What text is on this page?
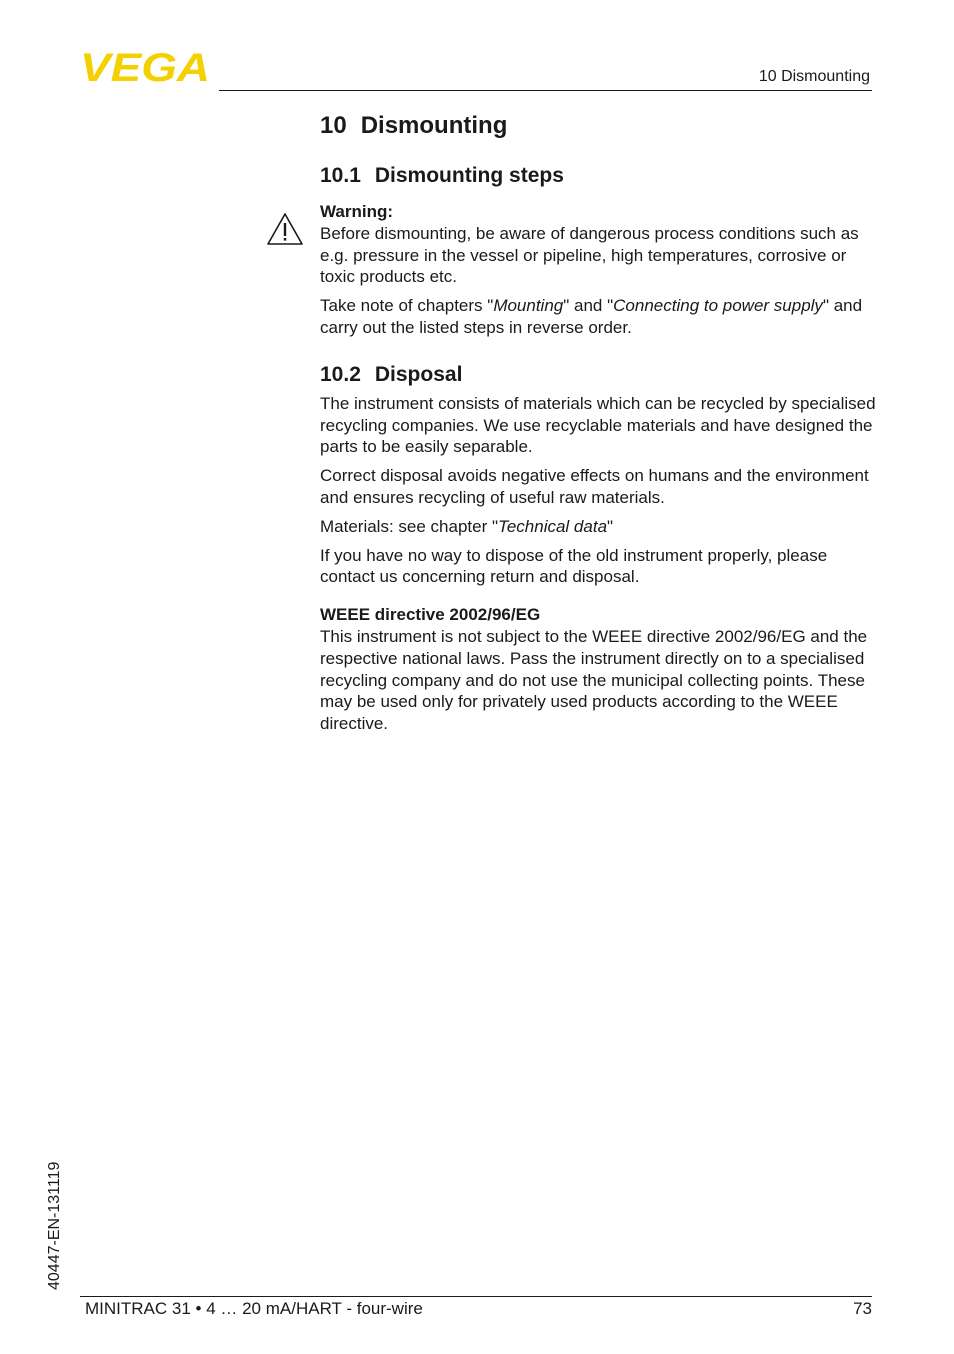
VEGA	10 Dismounting
10 Dismounting
10.1 Dismounting steps
Warning:

Before dismounting, be aware of dangerous process conditions such as e.g. pressure in the vessel or pipeline, high temperatures, corrosive or toxic products etc.

Take note of chapters "Mounting" and "Connecting to power supply" and carry out the listed steps in reverse order.

10.2 Disposal

The instrument consists of materials which can be recycled by specialised recycling companies. We use recyclable materials and have designed the parts to be easily separable.

Correct disposal avoids negative effects on humans and the environment and ensures recycling of useful raw materials.

Materials: see chapter "Technical data"

If you have no way to dispose of the old instrument properly, please contact us concerning return and disposal.

WEEE directive 2002/96/EG

This instrument is not subject to the WEEE directive 2002/96/EG and the respective national laws. Pass the instrument directly on to a specialised recycling company and do not use the municipal collecting points. These may be used only for privately used products according to the WEEE directive.

40447-EN-131119
MINITRAC 31 • 4 … 20 mA/HART - four-wire	73
